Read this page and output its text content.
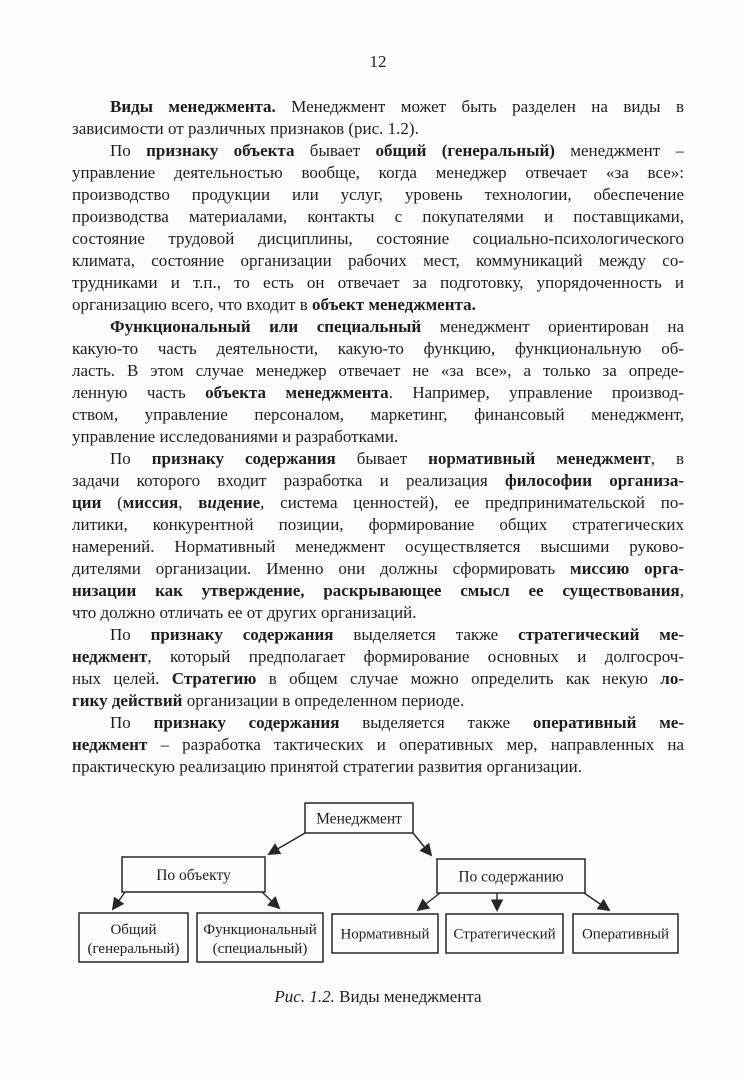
12
Виды менеджмента. Менеджмент может быть разделен на виды в
зависимости от различных признаков (рис. 1.2).
По признаку объекта бывает общий (генеральный) менеджмент –
управление деятельностью вообще, когда менеджер отвечает «за все»:
производство продукции или услуг, уровень технологии, обеспечение
производства материалами, контакты с покупателями и поставщиками,
состояние трудовой дисциплины, состояние социально-психологического
климата, состояние организации рабочих мест, коммуникаций между со-
трудниками и т.п., то есть он отвечает за подготовку, упорядоченность и
организацию всего, что входит в объект менеджмента.
Функциональный или специальный менеджмент ориентирован на
какую-то часть деятельности, какую-то функцию, функциональную об-
ласть. В этом случае менеджер отвечает не «за все», а только за опреде-
ленную часть объекта менеджмента. Например, управление производ-
ством, управление персоналом, маркетинг, финансовый менеджмент,
управление исследованиями и разработками.
По признаку содержания бывает нормативный менеджмент, в
задачи которого входит разработка и реализация философии организа-
ции (миссия, видение, система ценностей), ее предпринимательской по-
литики, конкурентной позиции, формирование общих стратегических
намерений. Нормативный менеджмент осуществляется высшими руково-
дителями организации. Именно они должны сформировать миссию орга-
низации как утверждение, раскрывающее смысл ее существования,
что должно отличать ее от других организаций.
По признаку содержания выделяется также стратегический ме-
неджмент, который предполагает формирование основных и долгосроч-
ных целей. Стратегию в общем случае можно определить как некую ло-
гику действий организации в определенном периоде.
По признаку содержания выделяется также оперативный ме-
неджмент – разработка тактических и оперативных мер, направленных на
практическую реализацию принятой стратегии развития организации.
Менеджмент
По объекту	По содержанию
Общий
(генеральный)
Функциональный
(специальный)
Нормативный Стратегический Оперативный
Рис. 1.2. Виды менеджмента
